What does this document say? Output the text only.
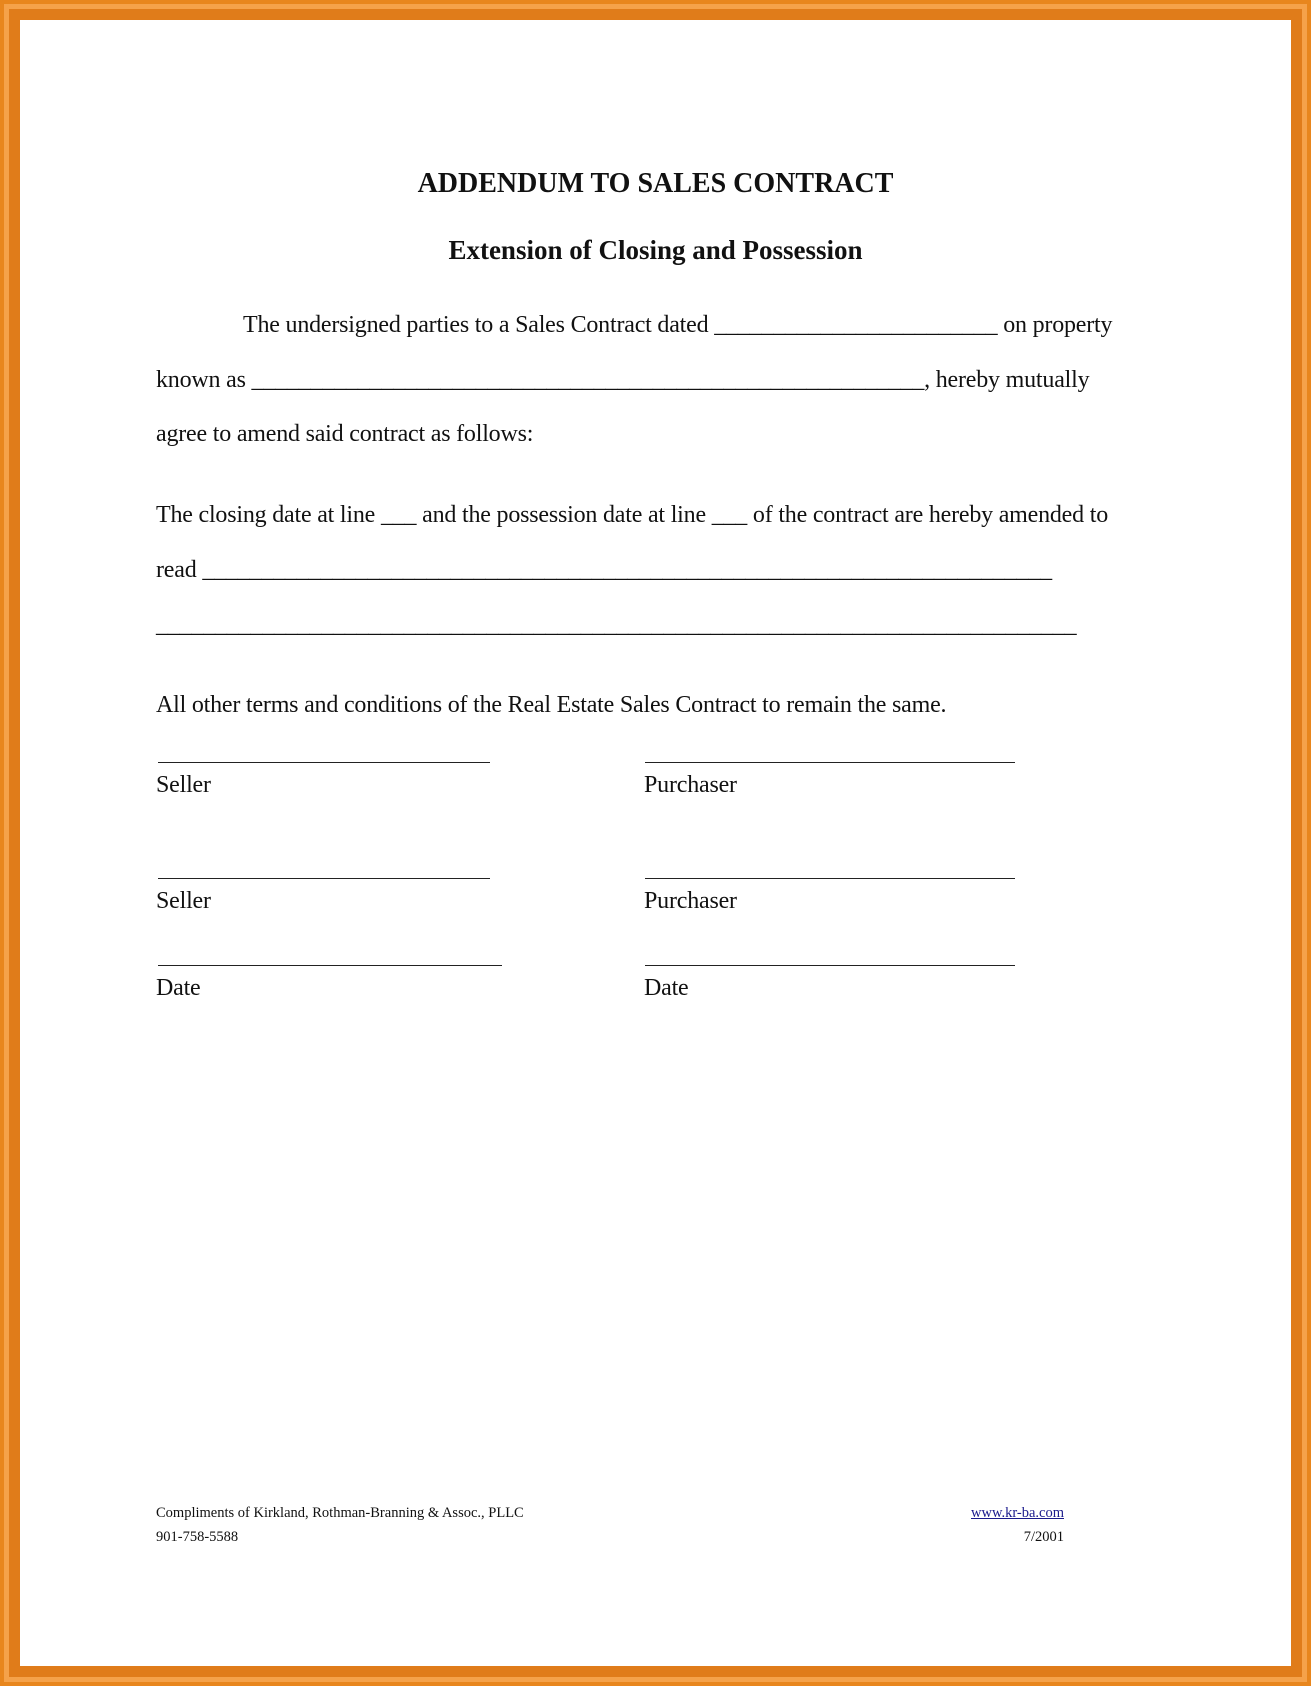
ADDENDUM TO SALES CONTRACT
Extension of Closing and Possession
The undersigned parties to a Sales Contract dated ________________________ on property
known as _________________________________________________________, hereby mutually
agree to amend said contract as follows:
The closing date at line ___ and the possession date at line ___ of the contract are hereby amended to
read ________________________________________________________________________
______________________________________________________________________________
All other terms and conditions of the Real Estate Sales Contract to remain the same.
Seller	Purchaser
Seller	Purchaser
Date	Date
Compliments of Kirkland, Rothman-Branning & Assoc., PLLC
901-758-5588
www.kr-ba.com
7/2001
